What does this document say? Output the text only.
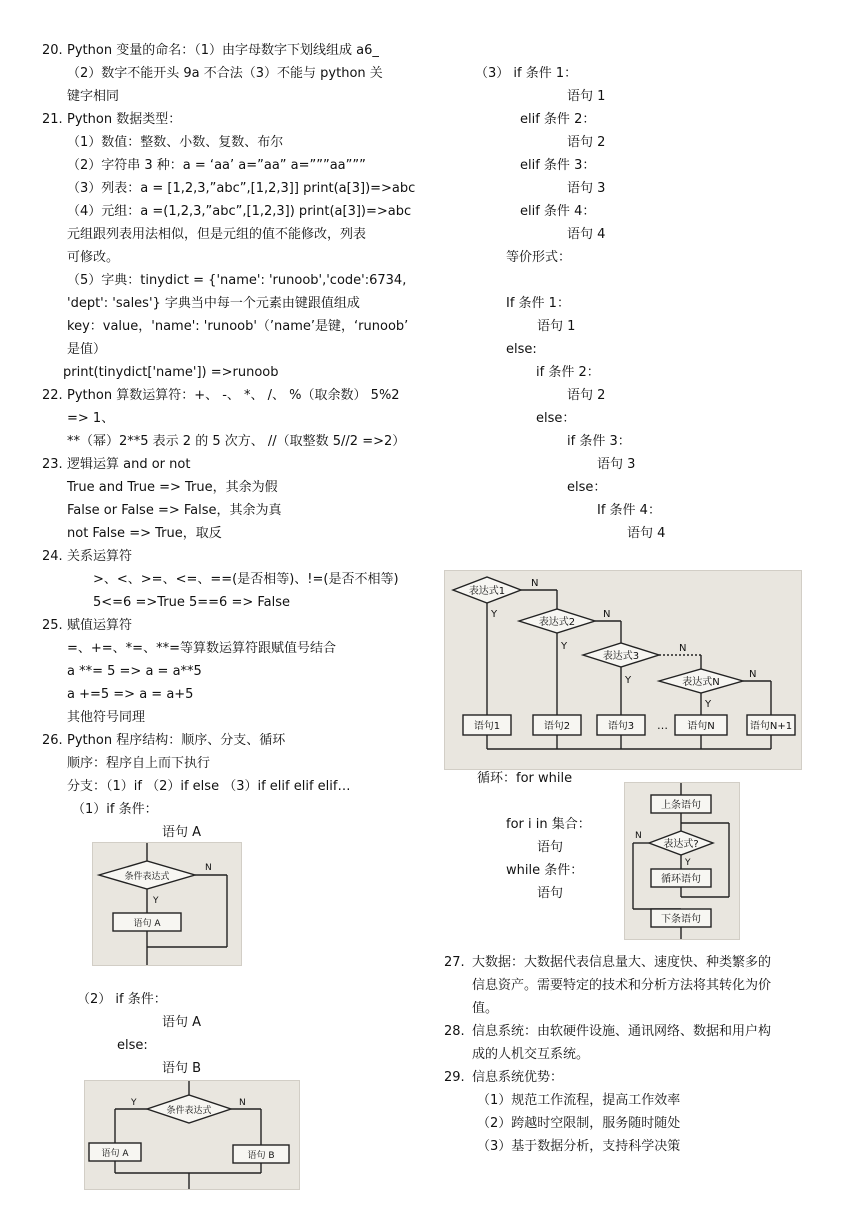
20. Python 变量的命名：（1）由字母数字下划线组成 a6_
（2）数字不能开头 9a 不合法（3）不能与 python 关
键字相同
21. Python 数据类型：
（1）数值：整数、小数、复数、布尔
（2）字符串 3 种：a = ‘aa’ a=”aa” a=”””aa”””
（3）列表：a = [1,2,3,”abc”,[1,2,3]] print(a[3])=>abc
（4）元组：a =(1,2,3,”abc”,[1,2,3]) print(a[3])=>abc
元组跟列表用法相似，但是元组的值不能修改，列表
可修改。
（5）字典：tinydict = {'name': 'runoob','code':6734,
'dept': 'sales'} 字典当中每一个元素由键跟值组成
key：value，'name': 'runoob'（’name’是键，‘runoob’
是值）
print(tinydict['name']) =>runoob
22. Python 算数运算符：+、 -、 *、 /、 %（取余数） 5%2
=> 1、
**（幂）2**5 表示 2 的 5 次方、 //（取整数 5//2 =>2）
23. 逻辑运算 and or not
True and True => True，其余为假
False or False => False，其余为真
not False => True，取反
24. 关系运算符
>、<、>=、<=、==(是否相等)、!=(是否不相等)
5<=6 =>True 5==6 => False
25. 赋值运算符
=、+=、*=、**=等算数运算符跟赋值号结合
a **= 5 => a = a**5
a +=5 => a = a+5
其他符号同理
26. Python 程序结构：顺序、分支、循环
顺序：程序自上而下执行
分支：（1）if （2）if else （3）if elif elif elif…
（1）if 条件：
语句 A
条件表达式
Y
语句 A
N
（2） if 条件：
语句 A
else:
语句 B
条件表达式
Y	N
语句 A	语句 B
（3） if 条件 1：
语句 1
elif 条件 2：
语句 2
elif 条件 3：
语句 3
elif 条件 4：
语句 4
等价形式：
If 条件 1：
语句 1
else:
if 条件 2：
语句 2
else：
if 条件 3：
语句 3
else：
If 条件 4：
语句 4
表达式1
N
Y
表达式2
N
Y
表达式3
N
Y	表达式N
N
Y
语句1	语句2	语句3 … 语句N	语句N+1
循环：for while
for i in 集合：
语句
while 条件：
语句
上条语句
表达式?
Y
循环语句
N
下条语句
27. 大数据：大数据代表信息量大、速度快、种类繁多的
信息资产。需要特定的技术和分析方法将其转化为价
值。
28. 信息系统：由软硬件设施、通讯网络、数据和用户构
成的人机交互系统。
29. 信息系统优势：
（1）规范工作流程，提高工作效率
（2）跨越时空限制，服务随时随处
（3）基于数据分析，支持科学决策
